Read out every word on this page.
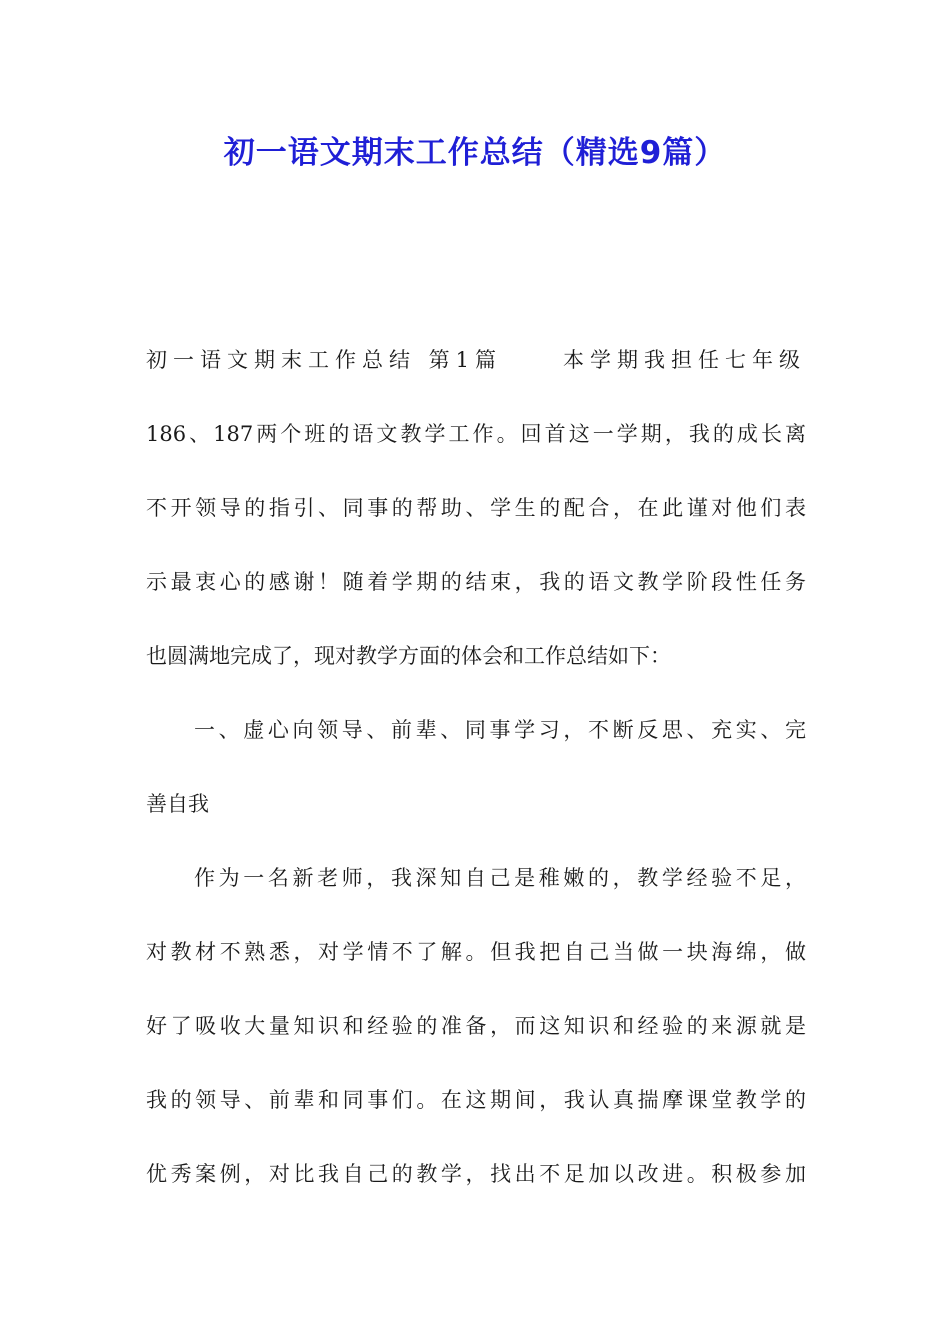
初一语文期末工作总结（精选9篇）
初一语文期末工作总结 第1篇	本学期我担任七年级
186、187两个班的语文教学工作。回首这一学期，我的成长离
不开领导的指引、同事的帮助、学生的配合，在此谨对他们表
示最衷心的感谢！随着学期的结束，我的语文教学阶段性任务
也圆满地完成了，现对教学方面的体会和工作总结如下：
一、虚心向领导、前辈、同事学习，不断反思、充实、完
善自我
作为一名新老师，我深知自己是稚嫩的，教学经验不足，
对教材不熟悉，对学情不了解。但我把自己当做一块海绵，做
好了吸收大量知识和经验的准备，而这知识和经验的来源就是
我的领导、前辈和同事们。在这期间，我认真揣摩课堂教学的
优秀案例，对比我自己的教学，找出不足加以改进。积极参加
